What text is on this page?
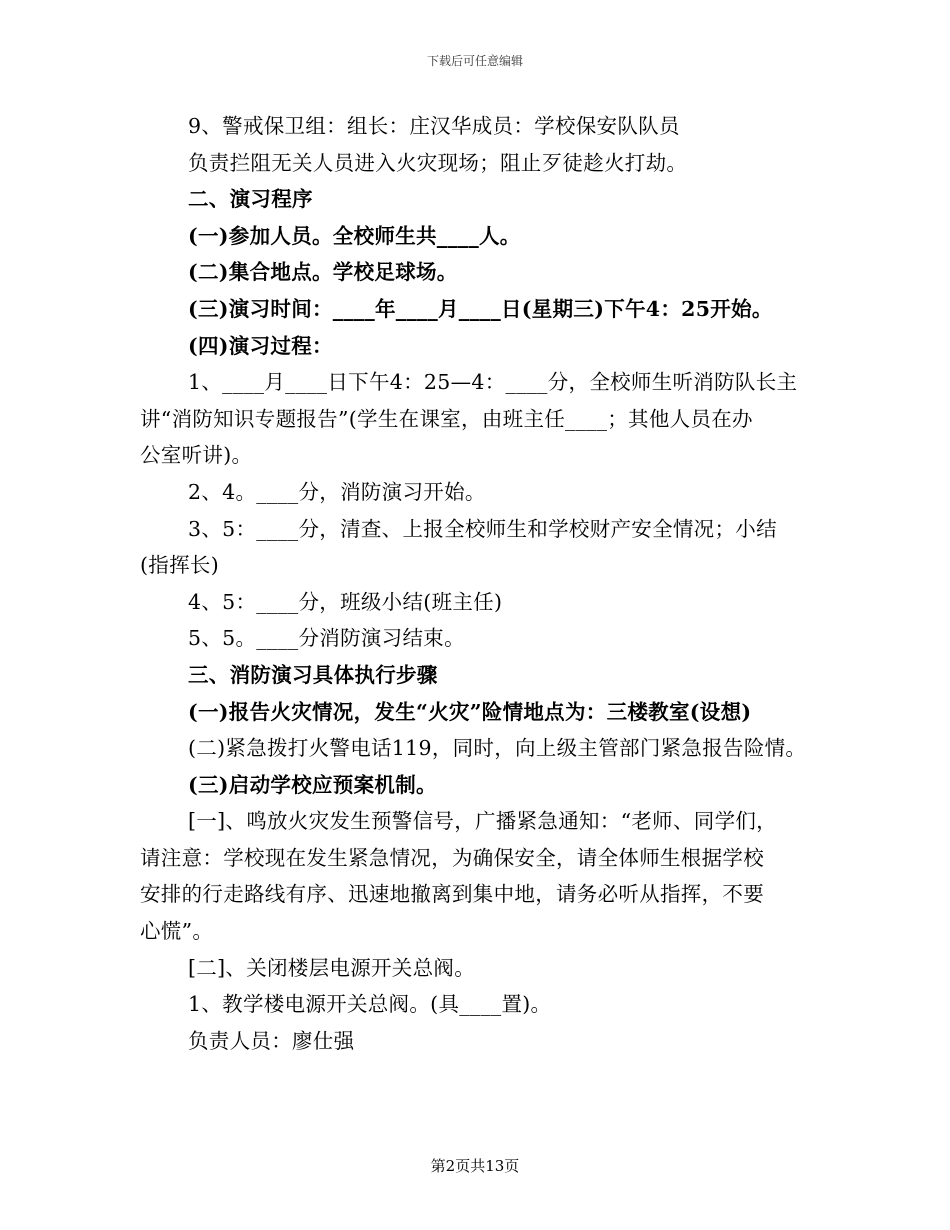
下载后可任意编辑
9、警戒保卫组：组长：庄汉华成员：学校保安队队员
负责拦阻无关人员进入火灾现场；阻止歹徒趁火打劫。
二、演习程序
(一)参加人员。全校师生共____人。
(二)集合地点。学校足球场。
(三)演习时间：____年____月____日(星期三)下午4：25开始。
(四)演习过程：
1、____月____日下午4：25—4：____分，全校师生听消防队长主
讲“消防知识专题报告”(学生在课室，由班主任____；其他人员在办
公室听讲)。
2、4。____分，消防演习开始。
3、5：____分，清查、上报全校师生和学校财产安全情况；小结
(指挥长)
4、5：____分，班级小结(班主任)
5、5。____分消防演习结束。
三、消防演习具体执行步骤
(一)报告火灾情况，发生“火灾”险情地点为：三楼教室(设想)
(二)紧急拨打火警电话119，同时，向上级主管部门紧急报告险情。
(三)启动学校应预案机制。
[一]、鸣放火灾发生预警信号，广播紧急通知：“老师、同学们，
请注意：学校现在发生紧急情况，为确保安全，请全体师生根据学校
安排的行走路线有序、迅速地撤离到集中地，请务必听从指挥，不要
心慌”。
[二]、关闭楼层电源开关总阀。
1、教学楼电源开关总阀。(具____置)。
负责人员：廖仕强
第2页共13页
